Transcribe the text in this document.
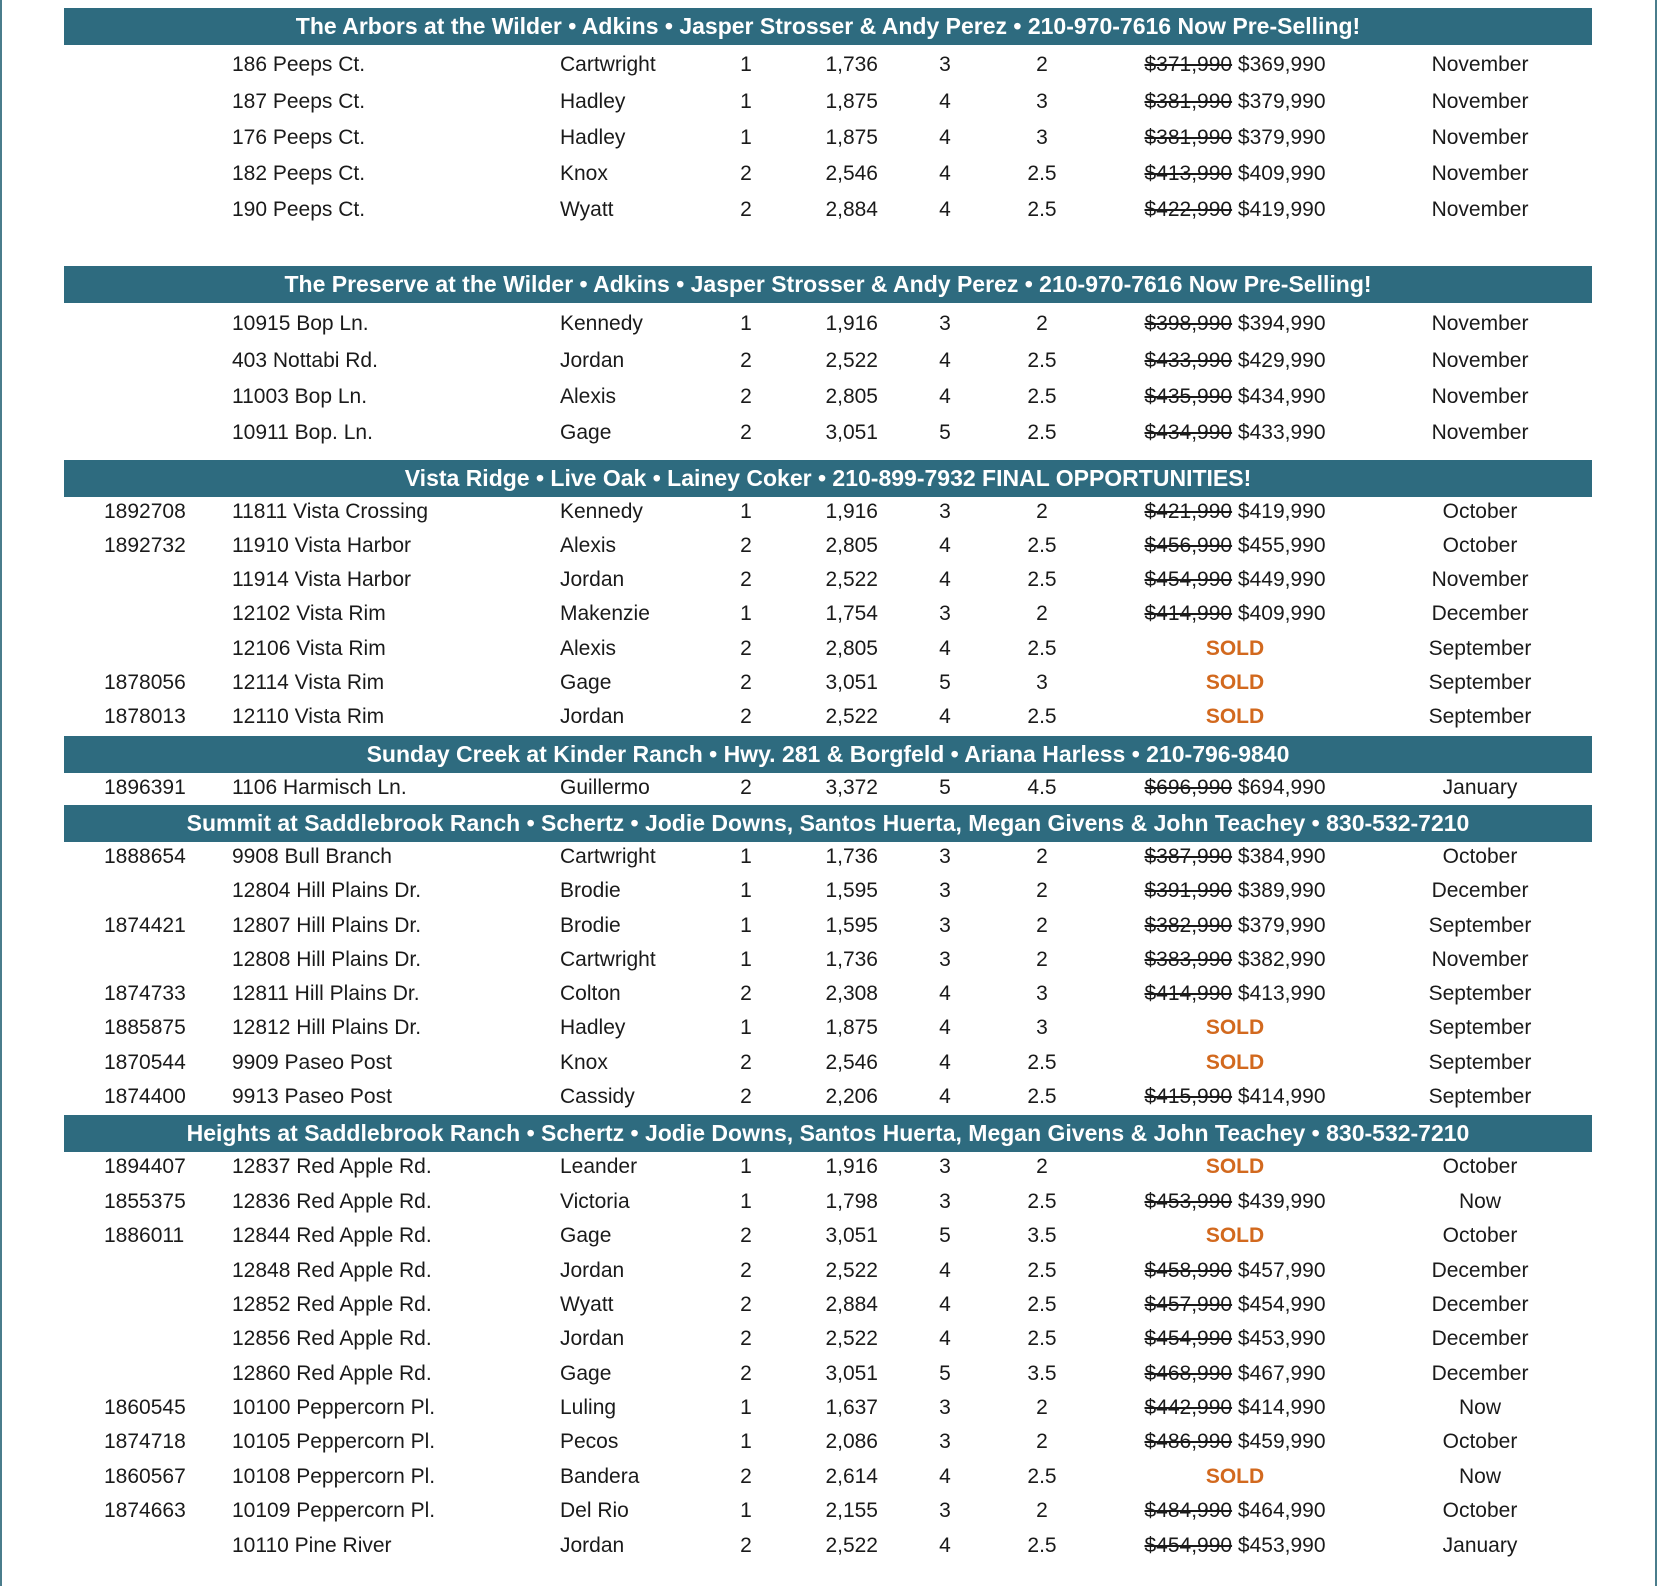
The Arbors at the Wilder • Adkins • Jasper Strosser & Andy Perez • 210-970-7616 Now Pre-Selling!
186 Peeps Ct.	Cartwright	1	1,736	3	2	$371,990 $369,990	November
187 Peeps Ct.	Hadley	1	1,875	4	3	$381,990 $379,990	November
176 Peeps Ct.	Hadley	1	1,875	4	3	$381,990 $379,990	November
182 Peeps Ct.	Knox	2	2,546	4	2.5	$413,990 $409,990	November
190 Peeps Ct.	Wyatt	2	2,884	4	2.5	$422,990 $419,990	November
The Preserve at the Wilder • Adkins • Jasper Strosser & Andy Perez • 210-970-7616 Now Pre-Selling!
10915 Bop Ln.	Kennedy	1	1,916	3	2	$398,990 $394,990	November
403 Nottabi Rd.	Jordan	2	2,522	4	2.5	$433,990 $429,990	November
11003 Bop Ln.	Alexis	2	2,805	4	2.5	$435,990 $434,990	November
10911 Bop. Ln.	Gage	2	3,051	5	2.5	$434,990 $433,990	November
Vista Ridge • Live Oak • Lainey Coker • 210-899-7932 FINAL OPPORTUNITIES!
1892708 11811 Vista Crossing	Kennedy	1	1,916	3	2	$421,990 $419,990	October
1892732 11910 Vista Harbor	Alexis	2	2,805	4	2.5	$456,990 $455,990	October
11914 Vista Harbor	Jordan	2	2,522	4	2.5	$454,990 $449,990	November
12102 Vista Rim	Makenzie	1	1,754	3	2	$414,990 $409,990	December
12106 Vista Rim	Alexis	2	2,805	4	2.5	SOLD	September
1878056 12114 Vista Rim	Gage	2	3,051	5	3	SOLD	September
1878013 12110 Vista Rim	Jordan	2	2,522	4	2.5	SOLD	September
Sunday Creek at Kinder Ranch • Hwy. 281 & Borgfeld • Ariana Harless • 210-796-9840
1896391 1106 Harmisch Ln.	Guillermo	2	3,372	5	4.5	$696,990 $694,990	January
Summit at Saddlebrook Ranch • Schertz • Jodie Downs, Santos Huerta, Megan Givens & John Teachey • 830-532-7210
1888654 9908 Bull Branch	Cartwright	1	1,736	3	2	$387,990 $384,990	October
12804 Hill Plains Dr.	Brodie	1	1,595	3	2	$391,990 $389,990	December
1874421 12807 Hill Plains Dr.	Brodie	1	1,595	3	2	$382,990 $379,990	September
12808 Hill Plains Dr.	Cartwright	1	1,736	3	2	$383,990 $382,990	November
1874733 12811 Hill Plains Dr.	Colton	2	2,308	4	3	$414,990 $413,990	September
1885875 12812 Hill Plains Dr.	Hadley	1	1,875	4	3	SOLD	September
1870544 9909 Paseo Post	Knox	2	2,546	4	2.5	SOLD	September
1874400 9913 Paseo Post	Cassidy	2	2,206	4	2.5	$415,990 $414,990	September
Heights at Saddlebrook Ranch • Schertz • Jodie Downs, Santos Huerta, Megan Givens & John Teachey • 830-532-7210
1894407 12837 Red Apple Rd.	Leander	1	1,916	3	2	SOLD	October
1855375 12836 Red Apple Rd.	Victoria	1	1,798	3	2.5	$453,990 $439,990	Now
1886011 12844 Red Apple Rd.	Gage	2	3,051	5	3.5	SOLD	October
12848 Red Apple Rd.	Jordan	2	2,522	4	2.5	$458,990 $457,990	December
12852 Red Apple Rd.	Wyatt	2	2,884	4	2.5	$457,990 $454,990	December
12856 Red Apple Rd.	Jordan	2	2,522	4	2.5	$454,990 $453,990	December
12860 Red Apple Rd.	Gage	2	3,051	5	3.5	$468,990 $467,990	December
1860545 10100 Peppercorn Pl.	Luling	1	1,637	3	2	$442,990 $414,990	Now
1874718 10105 Peppercorn Pl.	Pecos	1	2,086	3	2	$486,990 $459,990	October
1860567 10108 Peppercorn Pl.	Bandera	2	2,614	4	2.5	SOLD	Now
1874663 10109 Peppercorn Pl.	Del Rio	1	2,155	3	2	$484,990 $464,990	October
10110 Pine River	Jordan	2	2,522	4	2.5	$454,990 $453,990	January
